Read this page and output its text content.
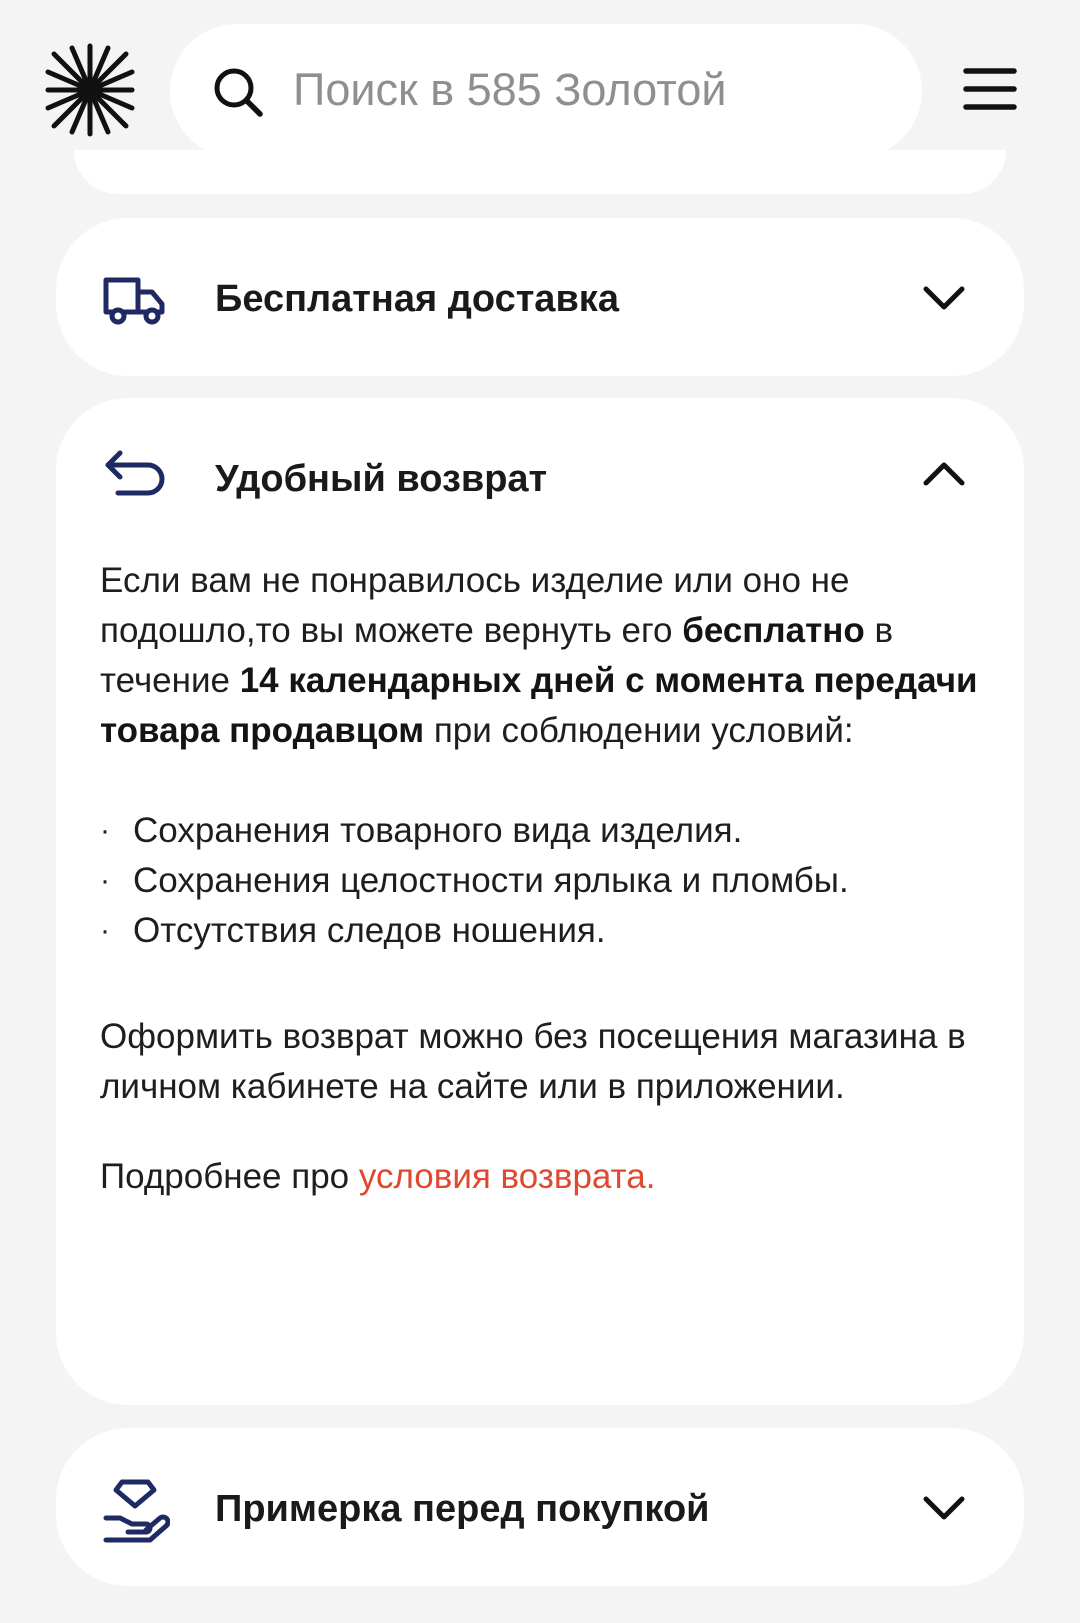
Поиск в 585 Золотой
Бесплатная доставка
Удобный возврат

Если вам не понравилось изделие или оно не подошло,то вы можете вернуть его бесплатно в течение 14 календарных дней с момента передачи товара продавцом при соблюдении условий:

· Сохранения товарного вида изделия.

· Сохранения целостности ярлыка и пломбы.

· Отсутствия следов ношения.

Оформить возврат можно без посещения магазина в личном кабинете на сайте или в приложении.

Подробнее про условия возврата.

Примерка перед покупкой
